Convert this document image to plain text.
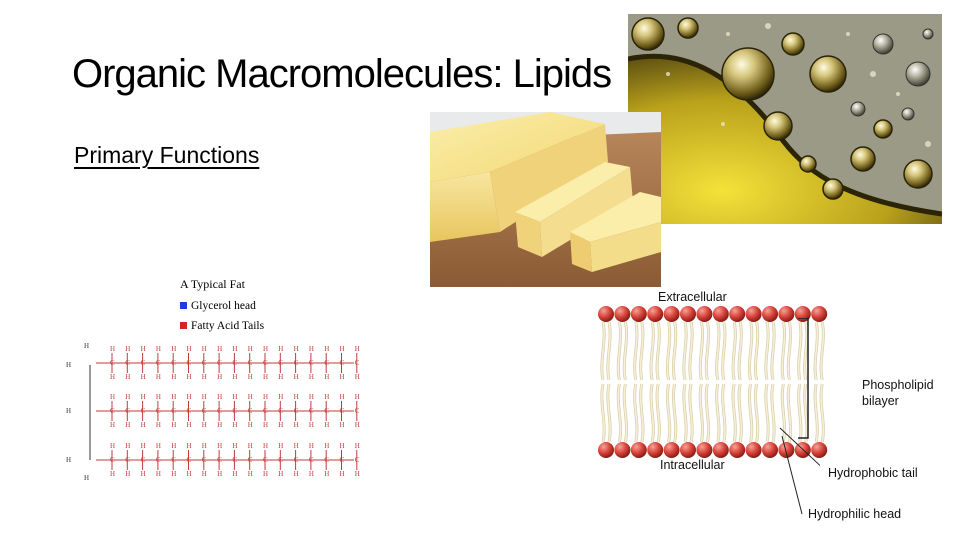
Organic Macromolecules: Lipids
Primary Functions
A Typical Fat
Glycerol head
Fatty Acid Tails
H
C
H
H
C
H
H
C
H
H
C
H
H
C
H
H
C
H
H
C
H
H
C
H
H
C
H
H
C
H
H
C
H
H
C
H
H
C
H
H
C
H
H
C
H
H
C
H
H
C
H
H
C
H
H
C
H
H
C
H
H
C
H
H
C
H
H
C
H
H
C
H
H
C
H
H
C
H
H
C
H
H
C
H
H
C
H
H
C
H
H
C
H
H
C
H
H
C
H
H
C
H
H
C
H
H
C
H
H
C
H
H
C
H
H
C
H
H
C
H
H
C
H
H
C
H
H
C
H
H
C
H
H
C
H
H
C
H
H
C
H
H
C
H
H
C
H
H
C
H
H
C
H
H
H
H
H
H
Extracellular
Intracellular
Phospholipid
bilayer
Hydrophobic tail
Hydrophilic head
